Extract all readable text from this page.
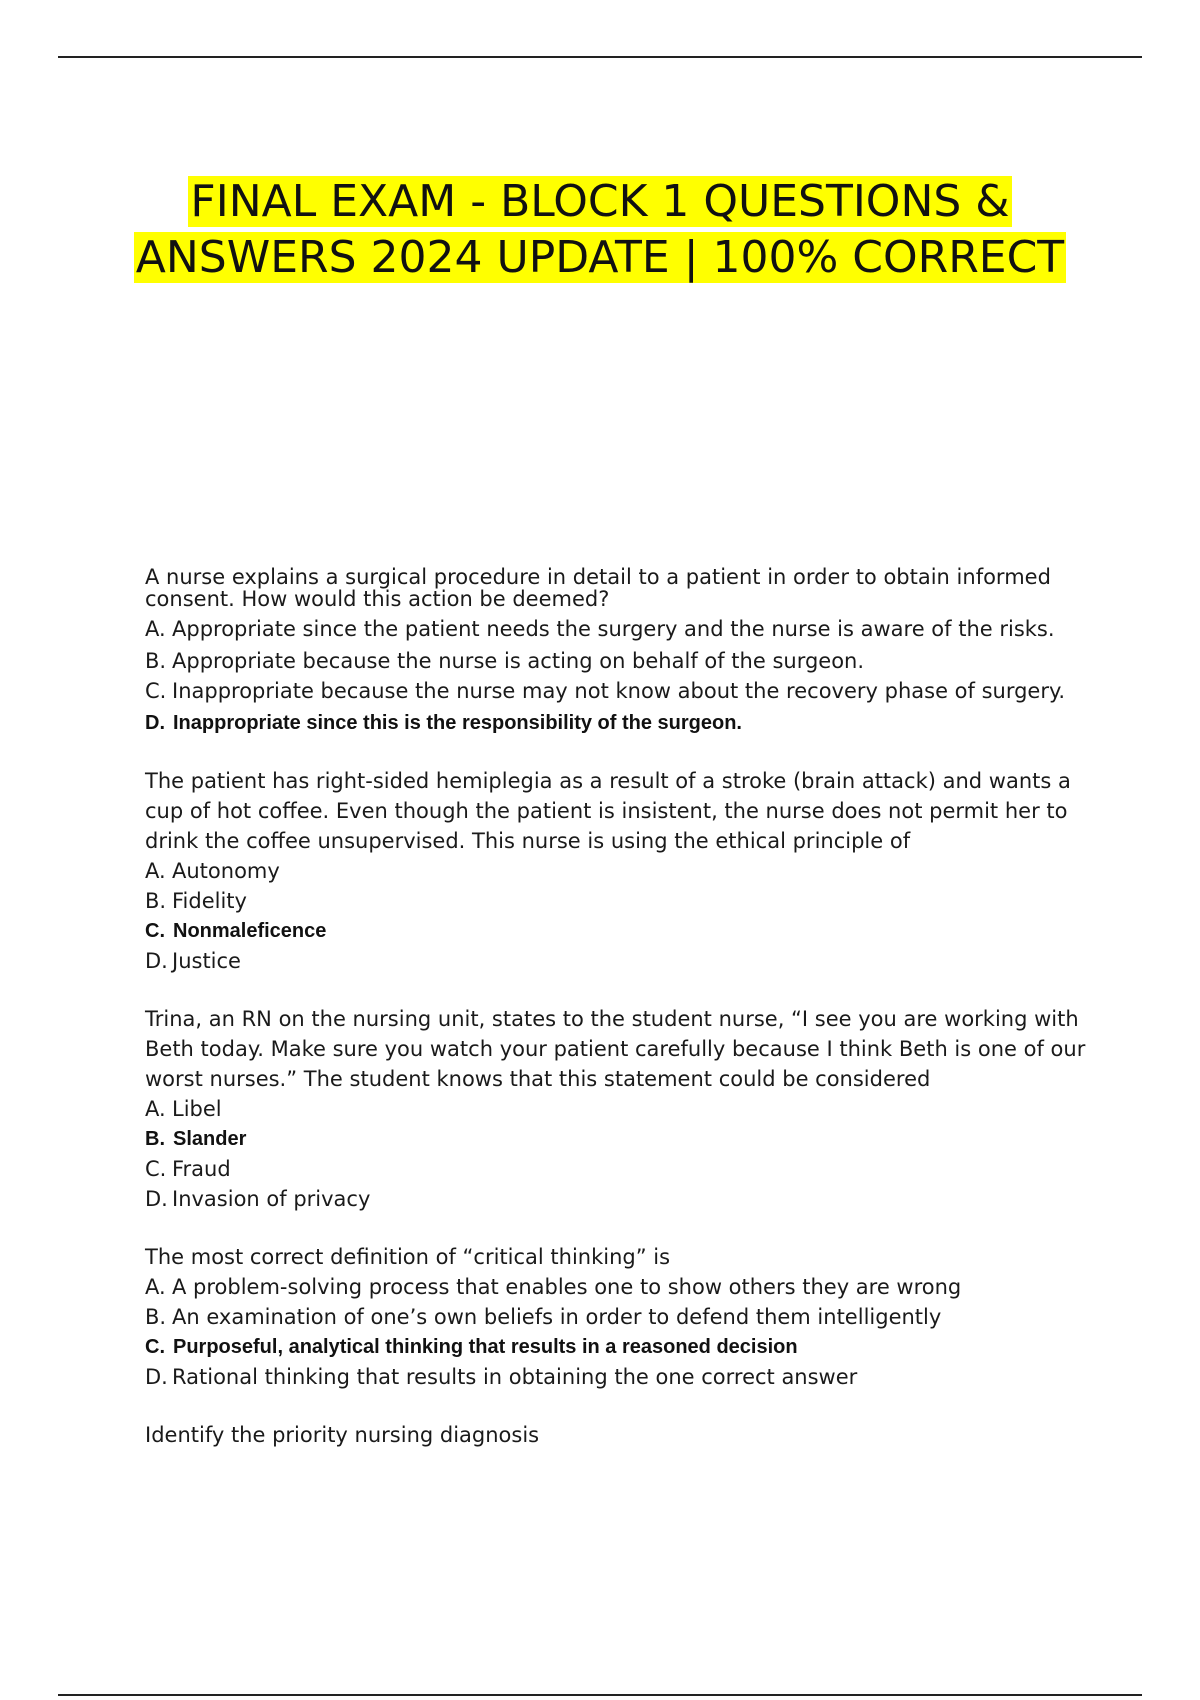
FINAL EXAM - BLOCK 1 QUESTIONS & ANSWERS 2024 UPDATE | 100% CORRECT

A nurse explains a surgical procedure in detail to a patient in order to obtain informed consent. How would this action be deemed?

A. Appropriate since the patient needs the surgery and the nurse is aware of the risks.
B. Appropriate because the nurse is acting on behalf of the surgeon.
C. Inappropriate because the nurse may not know about the recovery phase of surgery.
D. Inappropriate since this is the responsibility of the surgeon.

The patient has right-sided hemiplegia as a result of a stroke (brain attack) and wants a cup of hot coffee. Even though the patient is insistent, the nurse does not permit her to drink the coffee unsupervised. This nurse is using the ethical principle of

A. Autonomy
B. Fidelity
C. Nonmaleficence
D. Justice

Trina, an RN on the nursing unit, states to the student nurse, “I see you are working with Beth today. Make sure you watch your patient carefully because I think Beth is one of our worst nurses.” The student knows that this statement could be considered

A. Libel
B. Slander
C. Fraud
D. Invasion of privacy

The most correct definition of “critical thinking” is

A. A problem-solving process that enables one to show others they are wrong
B. An examination of one’s own beliefs in order to defend them intelligently
C. Purposeful, analytical thinking that results in a reasoned decision
D. Rational thinking that results in obtaining the one correct answer

Identify the priority nursing diagnosis
